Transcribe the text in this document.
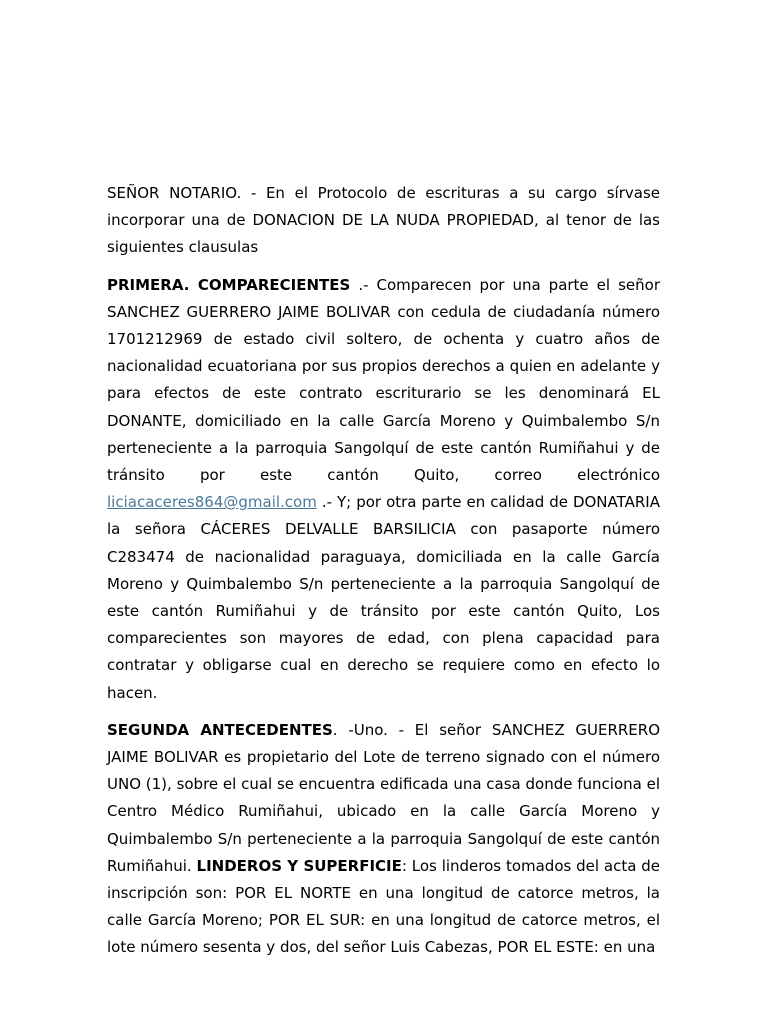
SEÑOR NOTARIO. - En el Protocolo de escrituras a su cargo sírvase incorporar una de DONACION DE LA NUDA PROPIEDAD, al tenor de las siguientes clausulas

PRIMERA. COMPARECIENTES .- Comparecen por una parte el señor SANCHEZ GUERRERO JAIME BOLIVAR con cedula de ciudadanía número 1701212969 de estado civil soltero, de ochenta y cuatro años de nacionalidad ecuatoriana por sus propios derechos a quien en adelante y para efectos de este contrato escriturario se les denominará EL DONANTE, domiciliado en la calle García Moreno y Quimbalembo S/n perteneciente a la parroquia Sangolquí de este cantón Rumiñahui y de tránsito por este cantón Quito, correo electrónico liciacaceres864@gmail.com .- Y; por otra parte en calidad de DONATARIA la señora CÁCERES DELVALLE BARSILICIA con pasaporte número C283474 de nacionalidad paraguaya, domiciliada en la calle García Moreno y Quimbalembo S/n perteneciente a la parroquia Sangolquí de este cantón Rumiñahui y de tránsito por este cantón Quito, Los comparecientes son mayores de edad, con plena capacidad para contratar y obligarse cual en derecho se requiere como en efecto lo hacen.

SEGUNDA ANTECEDENTES. -Uno. - El señor SANCHEZ GUERRERO JAIME BOLIVAR es propietario del Lote de terreno signado con el número UNO (1), sobre el cual se encuentra edificada una casa donde funciona el Centro Médico Rumiñahui, ubicado en la calle García Moreno y Quimbalembo S/n perteneciente a la parroquia Sangolquí de este cantón Rumiñahui. LINDEROS Y SUPERFICIE: Los linderos tomados del acta de inscripción son: POR EL NORTE en una longitud de catorce metros, la calle García Moreno; POR EL SUR: en una longitud de catorce metros, el lote número sesenta y dos, del señor Luis Cabezas, POR EL ESTE: en una
